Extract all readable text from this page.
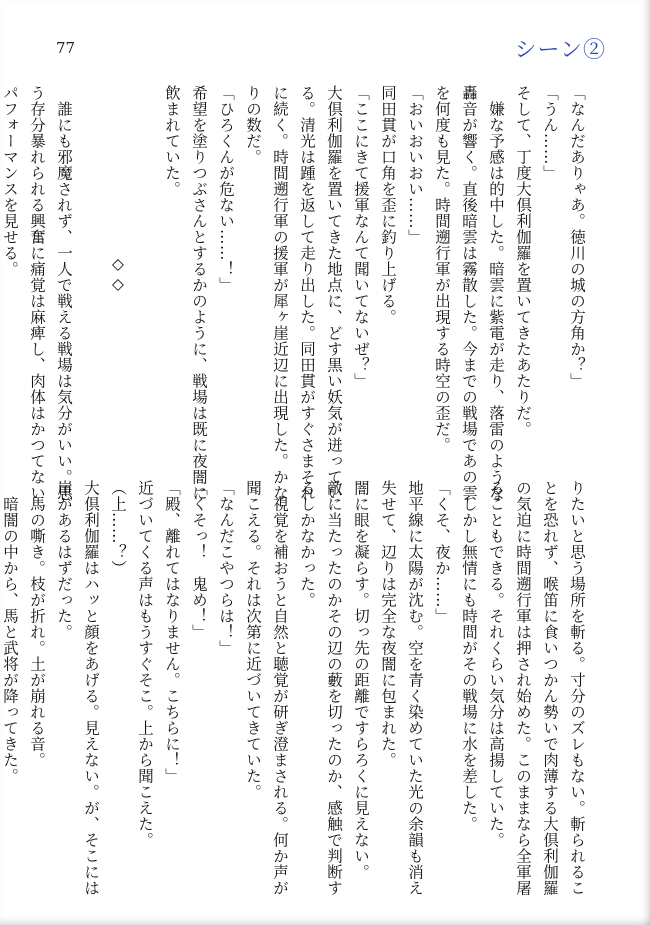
77	シーン②
「なんだありゃあ。徳川の城の方角か？」
「うん……」
そして、丁度大倶利伽羅を置いてきたあたりだ。
　嫌な予感は的中した。暗雲に紫電が走り、落雷のような
轟音が響く。直後暗雲は霧散した。今までの戦場であの雲
を何度も見た。時間遡行軍が出現する時空の歪だ。
「おいおいおい……」
同田貫が口角を歪に釣り上げる。
「ここにきて援軍なんて聞いてないぜ？」
大倶利伽羅を置いてきた地点に、どす黒い妖気が迸ってい
る。清光は踵を返して走り出した。同田貫がすぐさまそれ
に続く。時間遡行軍の援軍が犀ヶ崖近辺に出現した。かな
りの数だ。
「ひろくんが危ない……！」
希望を塗りつぶさんとするかのように、戦場は既に夜闇に
飲まれていた。

◇◇

　誰にも邪魔されず、一人で戦える戦場は気分がいい。思
う存分暴れられる興奮に痛覚は麻痺し、肉体はかつてない
パフォーマンスを見せる。
りたいと思う場所を斬る。寸分のズレもない。斬られるこ
とを恐れず、喉笛に食いつかん勢いで肉薄する大倶利伽羅
の気迫に時間遡行軍は押され始めた。このままなら全軍屠
ることもできる。それくらい気分は高揚していた。
　しかし無情にも時間がその戦場に水を差した。
「くそ、夜か……」
地平線に太陽が沈む。空を青く染めていた光の余韻も消え
失せて、辺りは完全な夜闇に包まれた。
闇に眼を凝らす。切っ先の距離ですらろくに見えない。
敵に当たったのかその辺の藪を切ったのか、感触で判断す
るしかなかった。
　視覚を補おうと自然と聴覚が研ぎ澄まされる。何か声が
聞こえる。それは次第に近づいてきていた。
「なんだこやつらは！」
「くそっ！　鬼め！」
「殿、離れてはなりません。こちらに！」
近づいてくる声はもうすぐそこ。上から聞こえた。
（上……？）
大倶利伽羅はハッと顔をあげる。見えない。が、そこには
崖があるはずだった。
　馬の嘶き。枝が折れ。土が崩れる音。
　暗闇の中から、馬と武将が降ってきた。
